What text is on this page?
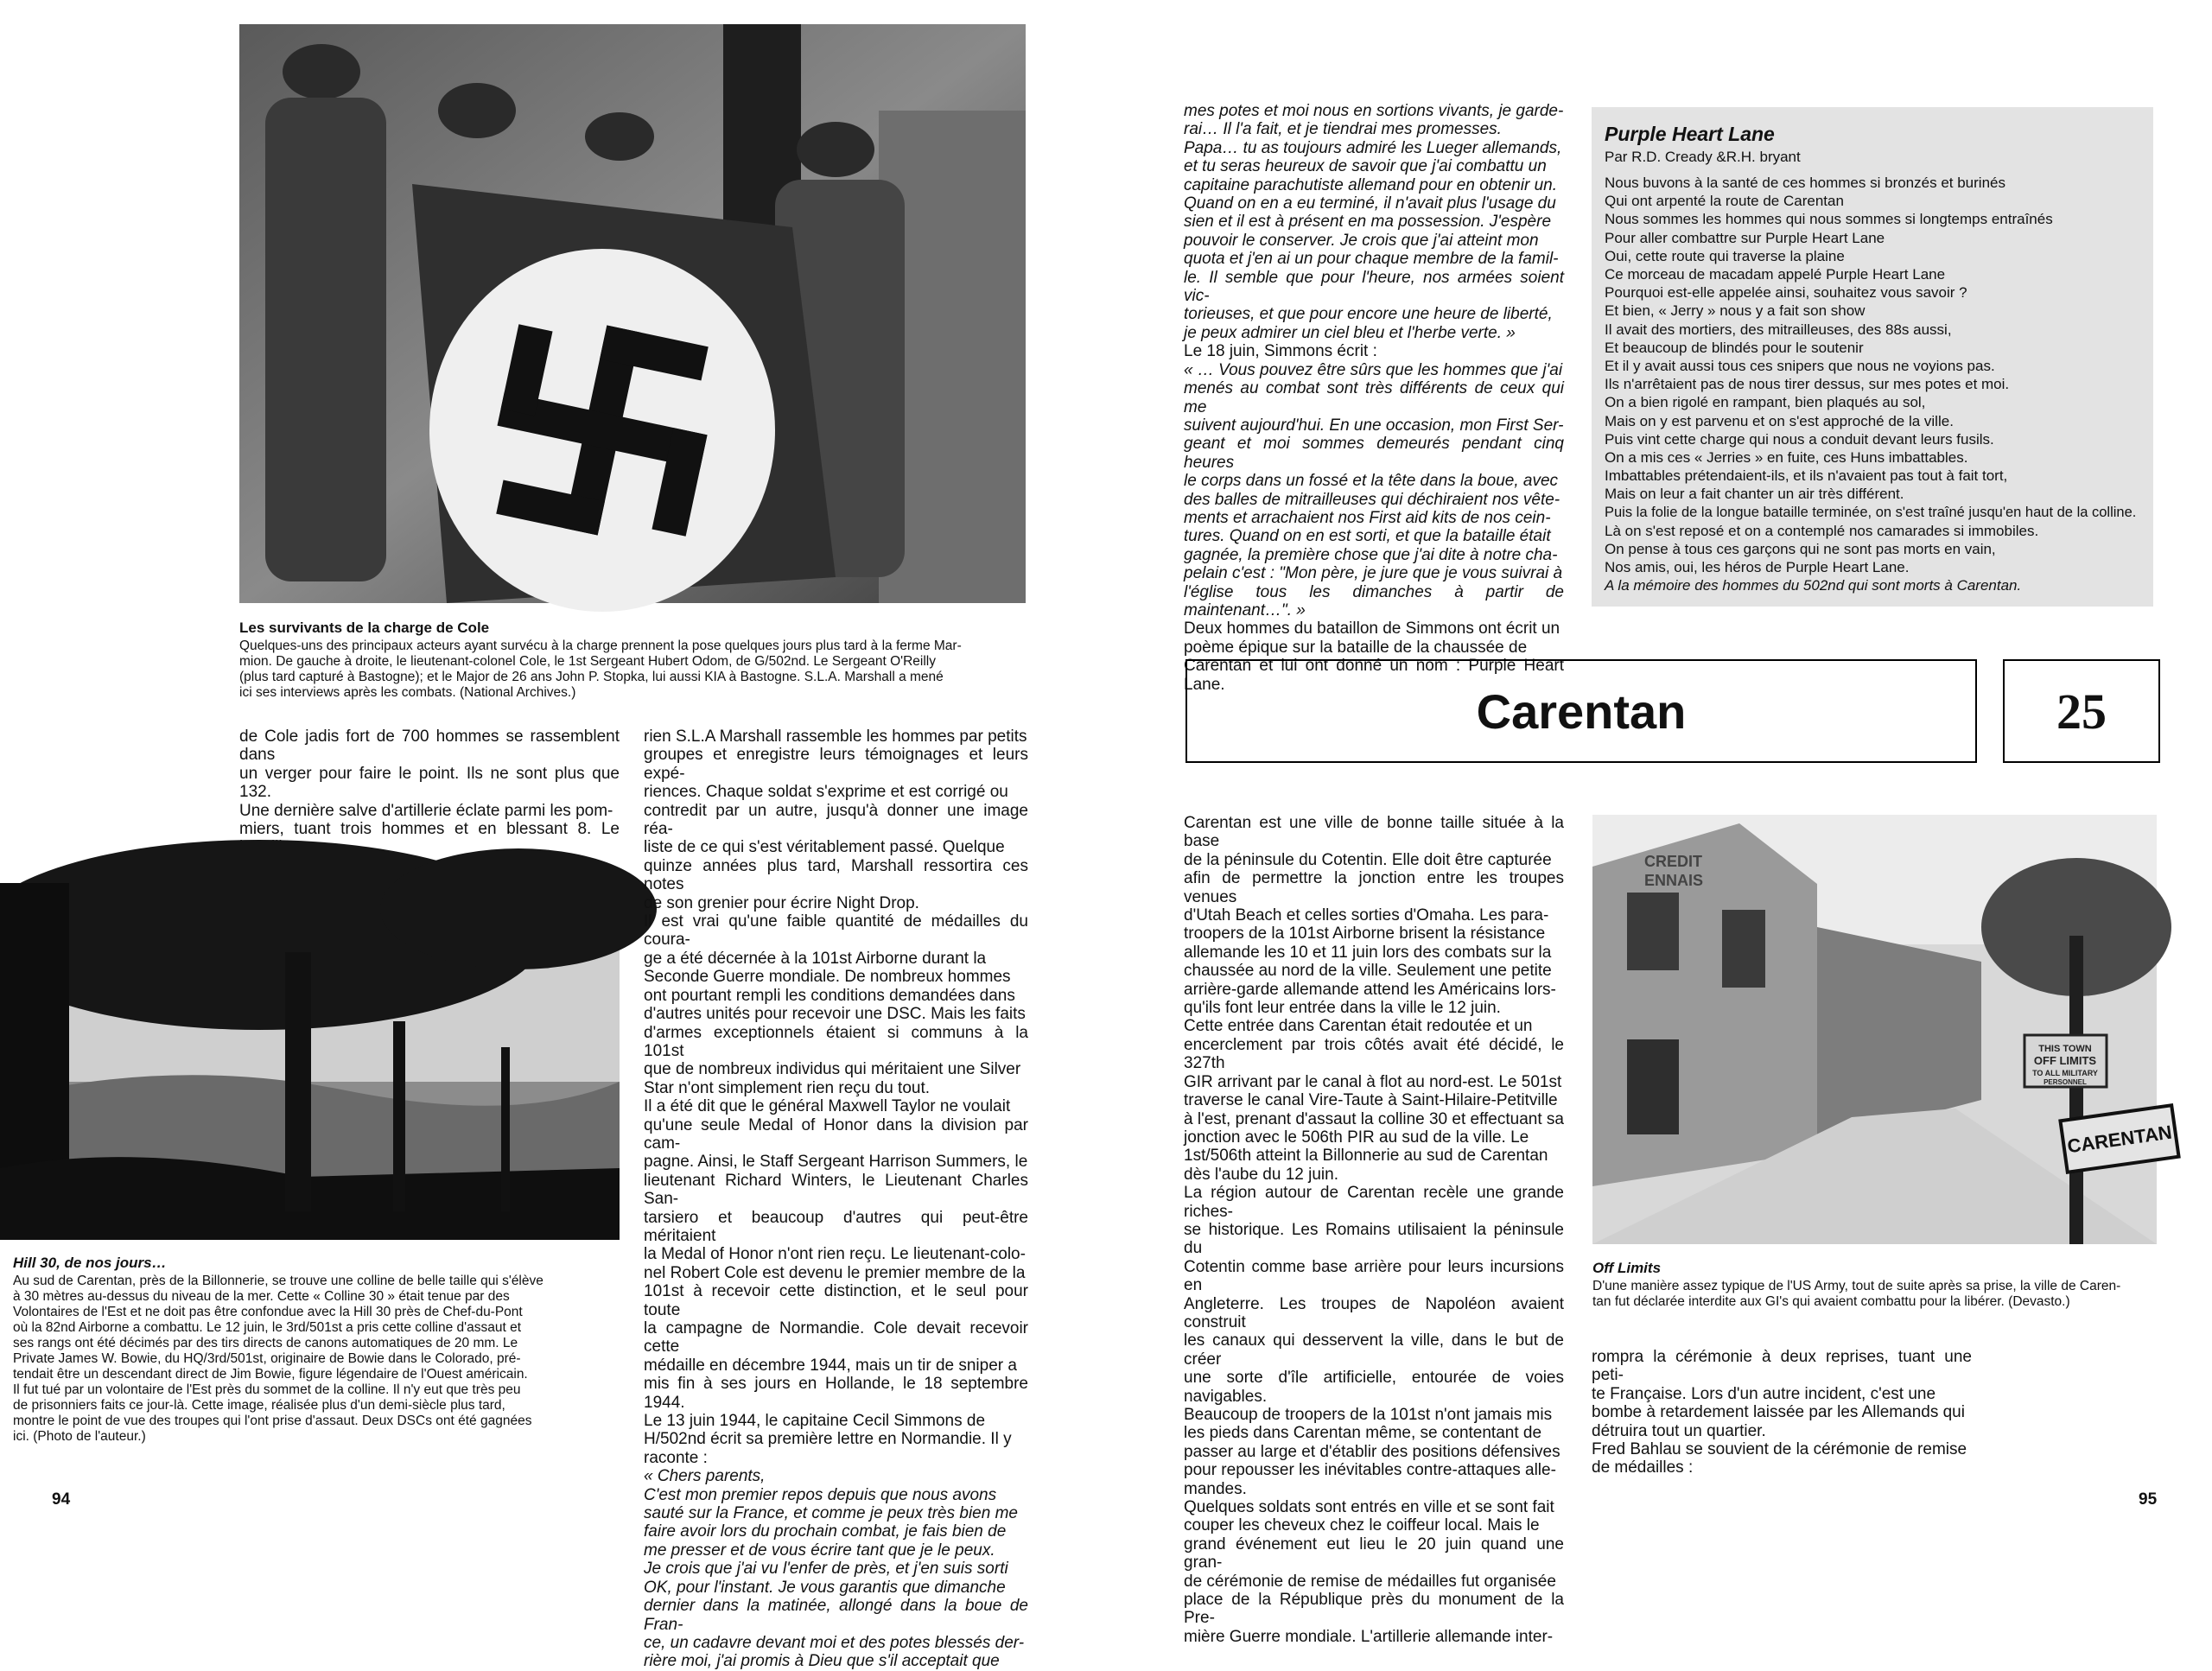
Les survivants de la charge de Cole

Quelques-uns des principaux acteurs ayant survécu à la charge prennent la pose quelques jours plus tard à la ferme Mar-

mion. De gauche à droite, le lieutenant-colonel Cole, le 1st Sergeant Hubert Odom, de G/502nd. Le Sergeant O'Reilly

(plus tard capturé à Bastogne); et le Major de 26 ans John P. Stopka, lui aussi KIA à Bastogne. S.L.A. Marshall a mené

ici ses interviews après les combats. (National Archives.)

de Cole jadis fort de 700 hommes se rassemblent dans
un verger pour faire le point. Ils ne sont plus que 132.
Une dernière salve d'artillerie éclate parmi les pom-
miers, tuant trois hommes et en blessant 8. Le
Hill 30, de nos jours…

Au sud de Carentan, près de la Billonnerie, se trouve une colline de belle taille qui s'élève

à 30 mètres au-dessus du niveau de la mer. Cette « Colline 30 » était tenue par des

Volontaires de l'Est et ne doit pas être confondue avec la Hill 30 près de Chef-du-Pont

où la 82nd Airborne a combattu. Le 12 juin, le 3rd/501st a pris cette colline d'assaut et

ses rangs ont été décimés par des tirs directs de canons automatiques de 20 mm. Le

Private James W. Bowie, du HQ/3rd/501st, originaire de Bowie dans le Colorado, pré-

tendait être un descendant direct de Jim Bowie, figure légendaire de l'Ouest américain.

Il fut tué par un volontaire de l'Est près du sommet de la colline. Il n'y eut que très peu

de prisonniers faits ce jour-là. Cette image, réalisée plus d'un demi-siècle plus tard,

montre le point de vue des troupes qui l'ont prise d'assaut. Deux DSCs ont été gagnées

ici. (Photo de l'auteur.)

rien S.L.A Marshall rassemble les hommes par petits
groupes et enregistre leurs témoignages et leurs expé-
riences. Chaque soldat s'exprime et est corrigé ou
contredit par un autre, jusqu'à donner une image réa-
liste de ce qui s'est véritablement passé. Quelque
quinze années plus tard, Marshall ressortira ces notes
de son grenier pour écrire Night Drop.
Il est vrai qu'une faible quantité de médailles du coura-
ge a été décernée à la 101st Airborne durant la
Seconde Guerre mondiale. De nombreux hommes
ont pourtant rempli les conditions demandées dans
d'autres unités pour recevoir une DSC. Mais les faits
d'armes exceptionnels étaient si communs à la 101st
que de nombreux individus qui méritaient une Silver
Star n'ont simplement rien reçu du tout.
Il a été dit que le général Maxwell Taylor ne voulait
qu'une seule Medal of Honor dans la division par cam-
pagne. Ainsi, le Staff Sergeant Harrison Summers, le
lieutenant Richard Winters, le Lieutenant Charles San-
tarsiero et beaucoup d'autres qui peut-être méritaient
la Medal of Honor n'ont rien reçu. Le lieutenant-colo-
nel Robert Cole est devenu le premier membre de la
101st à recevoir cette distinction, et le seul pour toute
la campagne de Normandie. Cole devait recevoir cette
médaille en décembre 1944, mais un tir de sniper a
mis fin à ses jours en Hollande, le 18 septembre 1944.
Le 13 juin 1944, le capitaine Cecil Simmons de
H/502nd écrit sa première lettre en Normandie. Il y
raconte :
« Chers parents,
C'est mon premier repos depuis que nous avons
sauté sur la France, et comme je peux très bien me
faire avoir lors du prochain combat, je fais bien de
me presser et de vous écrire tant que je le peux.
Je crois que j'ai vu l'enfer de près, et j'en suis sorti
OK, pour l'instant. Je vous garantis que dimanche
dernier dans la matinée, allongé dans la boue de Fran-
ce, un cadavre devant moi et des potes blessés der-
rière moi, j'ai promis à Dieu que s'il acceptait que
94
mes potes et moi nous en sortions vivants, je garde-
rai… Il l'a fait, et je tiendrai mes promesses.
Papa… tu as toujours admiré les Lueger allemands,
et tu seras heureux de savoir que j'ai combattu un
capitaine parachutiste allemand pour en obtenir un.
Quand on en a eu terminé, il n'avait plus l'usage du
sien et il est à présent en ma possession. J'espère
pouvoir le conserver. Je crois que j'ai atteint mon
quota et j'en ai un pour chaque membre de la famil-
le. Il semble que pour l'heure, nos armées soient vic-
torieuses, et que pour encore une heure de liberté,
je peux admirer un ciel bleu et l'herbe verte. »
Le 18 juin, Simmons écrit :
« … Vous pouvez être sûrs que les hommes que j'ai
menés au combat sont très différents de ceux qui me
suivent aujourd'hui. En une occasion, mon First Ser-
geant et moi sommes demeurés pendant cinq heures
le corps dans un fossé et la tête dans la boue, avec
des balles de mitrailleuses qui déchiraient nos vête-
ments et arrachaient nos First aid kits de nos cein-
tures. Quand on en est sorti, et que la bataille était
gagnée, la première chose que j'ai dite à notre cha-
pelain c'est : "Mon père, je jure que je vous suivrai à
l'église tous les dimanches à partir de maintenant…". »
Deux hommes du bataillon de Simmons ont écrit un
poème épique sur la bataille de la chaussée de
Carentan et lui ont donné un nom : Purple Heart Lane.
Purple Heart Lane
Par R.D. Cready &R.H. bryant
Nous buvons à la santé de ces hommes si bronzés et burinés
Qui ont arpenté la route de Carentan
Nous sommes les hommes qui nous sommes si longtemps entraînés
Pour aller combattre sur Purple Heart Lane
Oui, cette route qui traverse la plaine
Ce morceau de macadam appelé Purple Heart Lane
Pourquoi est-elle appelée ainsi, souhaitez vous savoir ?
Et bien, « Jerry » nous y a fait son show
Il avait des mortiers, des mitrailleuses, des 88s aussi,
Et beaucoup de blindés pour le soutenir
Et il y avait aussi tous ces snipers que nous ne voyions pas.
Ils n'arrêtaient pas de nous tirer dessus, sur mes potes et moi.
On a bien rigolé en rampant, bien plaqués au sol,
Mais on y est parvenu et on s'est approché de la ville.
Puis vint cette charge qui nous a conduit devant leurs fusils.
On a mis ces « Jerries » en fuite, ces Huns imbattables.
Imbattables prétendaient-ils, et ils n'avaient pas tout à fait tort,
Mais on leur a fait chanter un air très différent.
Puis la folie de la longue bataille terminée, on s'est traîné jusqu'en haut de la colline.
Là on s'est reposé et on a contemplé nos camarades si immobiles.
On pense à tous ces garçons qui ne sont pas morts en vain,
Nos amis, oui, les héros de Purple Heart Lane.
A la mémoire des hommes du 502nd qui sont morts à Carentan.
Carentan	25
Carentan est une ville de bonne taille située à la base
de la péninsule du Cotentin. Elle doit être capturée
afin de permettre la jonction entre les troupes venues
d'Utah Beach et celles sorties d'Omaha. Les para-
troopers de la 101st Airborne brisent la résistance
allemande les 10 et 11 juin lors des combats sur la
chaussée au nord de la ville. Seulement une petite
arrière-garde allemande attend les Américains lors-
qu'ils font leur entrée dans la ville le 12 juin.
Cette entrée dans Carentan était redoutée et un
encerclement par trois côtés avait été décidé, le 327th
GIR arrivant par le canal à flot au nord-est. Le 501st
traverse le canal Vire-Taute à Saint-Hilaire-Petitville
à l'est, prenant d'assaut la colline 30 et effectuant sa
jonction avec le 506th PIR au sud de la ville. Le
1st/506th atteint la Billonnerie au sud de Carentan
dès l'aube du 12 juin.
La région autour de Carentan recèle une grande riches-
se historique. Les Romains utilisaient la péninsule du
Cotentin comme base arrière pour leurs incursions en
Angleterre. Les troupes de Napoléon avaient construit
les canaux qui desservent la ville, dans le but de créer
une sorte d'île artificielle, entourée de voies navigables.
Beaucoup de troopers de la 101st n'ont jamais mis
les pieds dans Carentan même, se contentant de
passer au large et d'établir des positions défensives
pour repousser les inévitables contre-attaques alle-
mandes.
Quelques soldats sont entrés en ville et se sont fait
couper les cheveux chez le coiffeur local. Mais le
grand événement eut lieu le 20 juin quand une gran-
de cérémonie de remise de médailles fut organisée
place de la République près du monument de la Pre-
mière Guerre mondiale. L'artillerie allemande inter-
CREDIT
ENNAIS
THIS TOWN
OFF LIMITS
TO ALL MILITARY
PERSONNEL
CARENTAN
Off Limits

D'une manière assez typique de l'US Army, tout de suite après sa prise, la ville de Caren-

tan fut déclarée interdite aux GI's qui avaient combattu pour la libérer. (Devasto.)

rompra la cérémonie à deux reprises, tuant une peti-
te Française. Lors d'un autre incident, c'est une
bombe à retardement laissée par les Allemands qui
détruira tout un quartier.
Fred Bahlau se souvient de la cérémonie de remise
de médailles :
95
